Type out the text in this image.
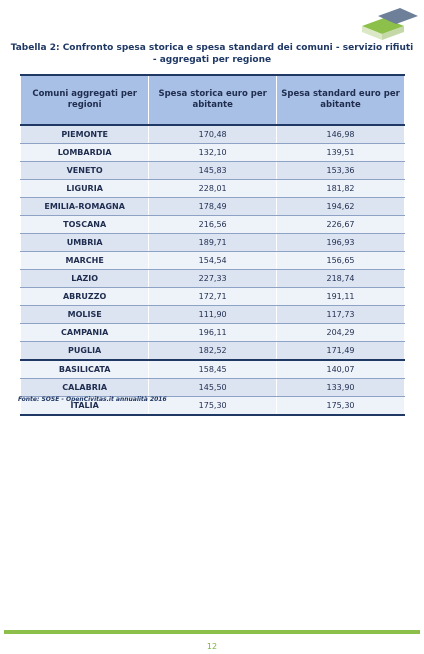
Tabella 2: Confronto spesa storica e spesa standard dei comuni - servizio rifiuti - aggregati per regione

Comuni aggregati per regioni	Spesa storica euro per abitante	Spesa standard euro per abitante
PIEMONTE	170,48	146,98
LOMBARDIA	132,10	139,51
VENETO	145,83	153,36
LIGURIA	228,01	181,82
EMILIA-ROMAGNA	178,49	194,62
TOSCANA	216,56	226,67
UMBRIA	189,71	196,93
MARCHE	154,54	156,65
LAZIO	227,33	218,74
ABRUZZO	172,71	191,11
MOLISE	111,90	117,73
CAMPANIA	196,11	204,29
PUGLIA	182,52	171,49
BASILICATA	158,45	140,07
CALABRIA	145,50	133,90
ITALIA	175,30	175,30
Fonte: SOSE - OpenCivitas.it annualità 2016
12
